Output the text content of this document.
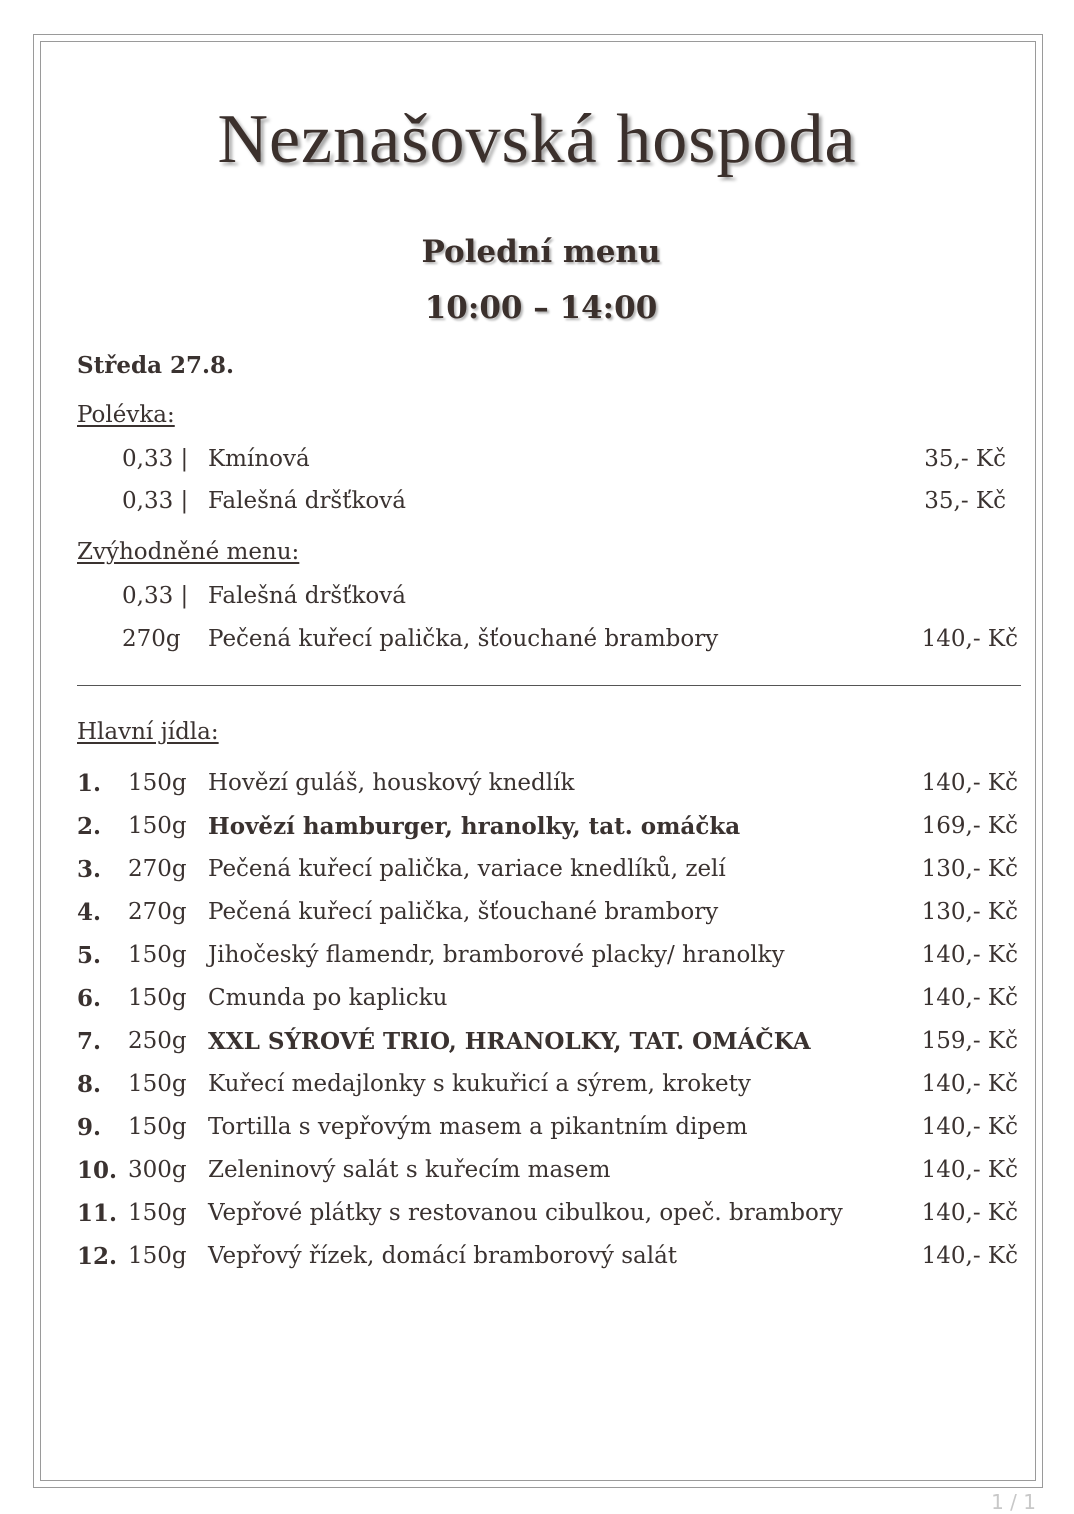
Neznašovská hospoda
Polední menu
10:00 – 14:00
Středa 27.8.
Polévka:
0,33 | Kmínová	35,- Kč
0,33 | Falešná dršťková	35,- Kč
Zvýhodněné menu:
0,33 | Falešná dršťková
270g Pečená kuřecí palička, šťouchané brambory	140,- Kč
Hlavní jídla:
1. 150g Hovězí guláš, houskový knedlík	140,- Kč
2. 150g Hovězí hamburger, hranolky, tat. omáčka	169,- Kč
3. 270g Pečená kuřecí palička, variace knedlíků, zelí	130,- Kč
4. 270g Pečená kuřecí palička, šťouchané brambory	130,- Kč
5. 150g Jihočeský flamendr, bramborové placky/ hranolky	140,- Kč
6. 150g Cmunda po kaplicku	140,- Kč
7. 250g XXL SÝROVÉ TRIO, HRANOLKY, TAT. OMÁČKA	159,- Kč
8. 150g Kuřecí medajlonky s kukuřicí a sýrem, krokety	140,- Kč
9. 150g Tortilla s vepřovým masem a pikantním dipem	140,- Kč
10. 300g Zeleninový salát s kuřecím masem	140,- Kč
11. 150g Vepřové plátky s restovanou cibulkou, opeč. brambory	140,- Kč
12. 150g Vepřový řízek, domácí bramborový salát	140,- Kč
1 / 1
